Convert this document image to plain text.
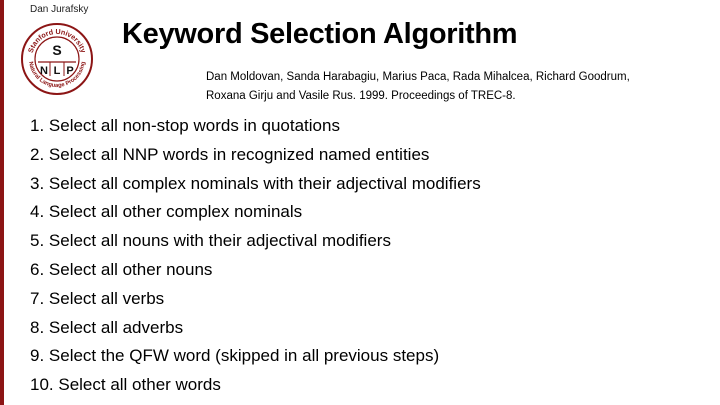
Dan Jurafsky
Stanford University
Natural Language Processing
S
N L P
Keyword Selection Algorithm
Dan Moldovan, Sanda Harabagiu, Marius Paca, Rada Mihalcea, Richard Goodrum,
Roxana Girju and Vasile Rus. 1999. Proceedings of TREC-8.
1. Select all non-stop words in quotations
2. Select all NNP words in recognized named entities
3. Select all complex nominals with their adjectival modifiers
4. Select all other complex nominals
5. Select all nouns with their adjectival modifiers
6. Select all other nouns
7. Select all verbs
8. Select all adverbs
9. Select the QFW word (skipped in all previous steps)
10. Select all other words
